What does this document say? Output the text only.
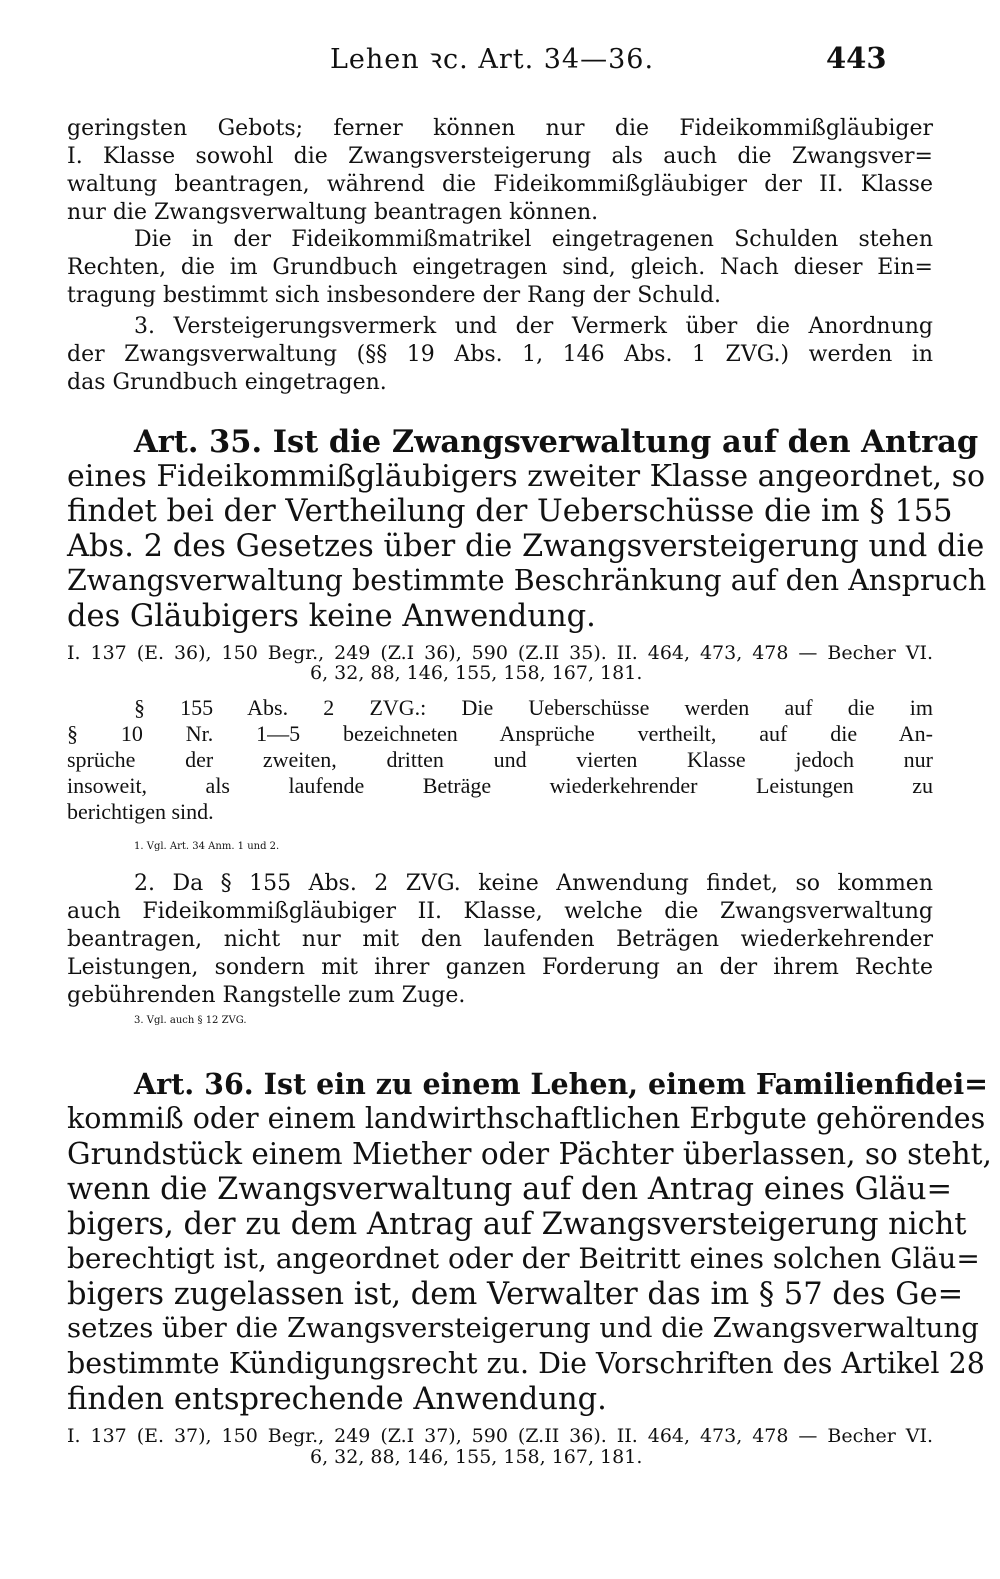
Lehen ꝛc. Art. 34—36.	443
geringsten Gebots; ferner können nur die Fideikommißgläubiger
I. Klasse sowohl die Zwangsversteigerung als auch die Zwangsver=
waltung beantragen, während die Fideikommißgläubiger der II. Klasse
nur die Zwangsverwaltung beantragen können.
Die in der Fideikommißmatrikel eingetragenen Schulden stehen
Rechten, die im Grundbuch eingetragen sind, gleich. Nach dieser Ein=
tragung bestimmt sich insbesondere der Rang der Schuld.
3. Versteigerungsvermerk und der Vermerk über die Anordnung
der Zwangsverwaltung (§§ 19 Abs. 1, 146 Abs. 1 ZVG.) werden in
das Grundbuch eingetragen.
Art. 35. Ist die Zwangsverwaltung auf den Antrag
eines Fideikommißgläubigers zweiter Klasse angeordnet, so
findet bei der Vertheilung der Ueberschüsse die im § 155
Abs. 2 des Gesetzes über die Zwangsversteigerung und die
Zwangsverwaltung bestimmte Beschränkung auf den Anspruch
des Gläubigers keine Anwendung.
I. 137 (E. 36), 150 Begr., 249 (Z.I 36), 590 (Z.II 35). II. 464, 473, 478 — Becher VI.
6, 32, 88, 146, 155, 158, 167, 181.
§ 155 Abs. 2 ZVG.: Die Ueberschüsse werden auf die im
§ 10 Nr. 1—5 bezeichneten Ansprüche vertheilt, auf die An-
sprüche der zweiten, dritten und vierten Klasse jedoch nur
insoweit, als laufende Beträge wiederkehrender Leistungen zu
berichtigen sind.
1. Vgl. Art. 34 Anm. 1 und 2.
2. Da § 155 Abs. 2 ZVG. keine Anwendung findet, so kommen
auch Fideikommißgläubiger II. Klasse, welche die Zwangsverwaltung
beantragen, nicht nur mit den laufenden Beträgen wiederkehrender
Leistungen, sondern mit ihrer ganzen Forderung an der ihrem Rechte
gebührenden Rangstelle zum Zuge.
3. Vgl. auch § 12 ZVG.
Art. 36. Ist ein zu einem Lehen, einem Familienfidei=
kommiß oder einem landwirthschaftlichen Erbgute gehörendes
Grundstück einem Miether oder Pächter überlassen, so steht,
wenn die Zwangsverwaltung auf den Antrag eines Gläu=
bigers, der zu dem Antrag auf Zwangsversteigerung nicht
berechtigt ist, angeordnet oder der Beitritt eines solchen Gläu=
bigers zugelassen ist, dem Verwalter das im § 57 des Ge=
setzes über die Zwangsversteigerung und die Zwangsverwaltung
bestimmte Kündigungsrecht zu. Die Vorschriften des Artikel 28
finden entsprechende Anwendung.
I. 137 (E. 37), 150 Begr., 249 (Z.I 37), 590 (Z.II 36). II. 464, 473, 478 — Becher VI.
6, 32, 88, 146, 155, 158, 167, 181.
